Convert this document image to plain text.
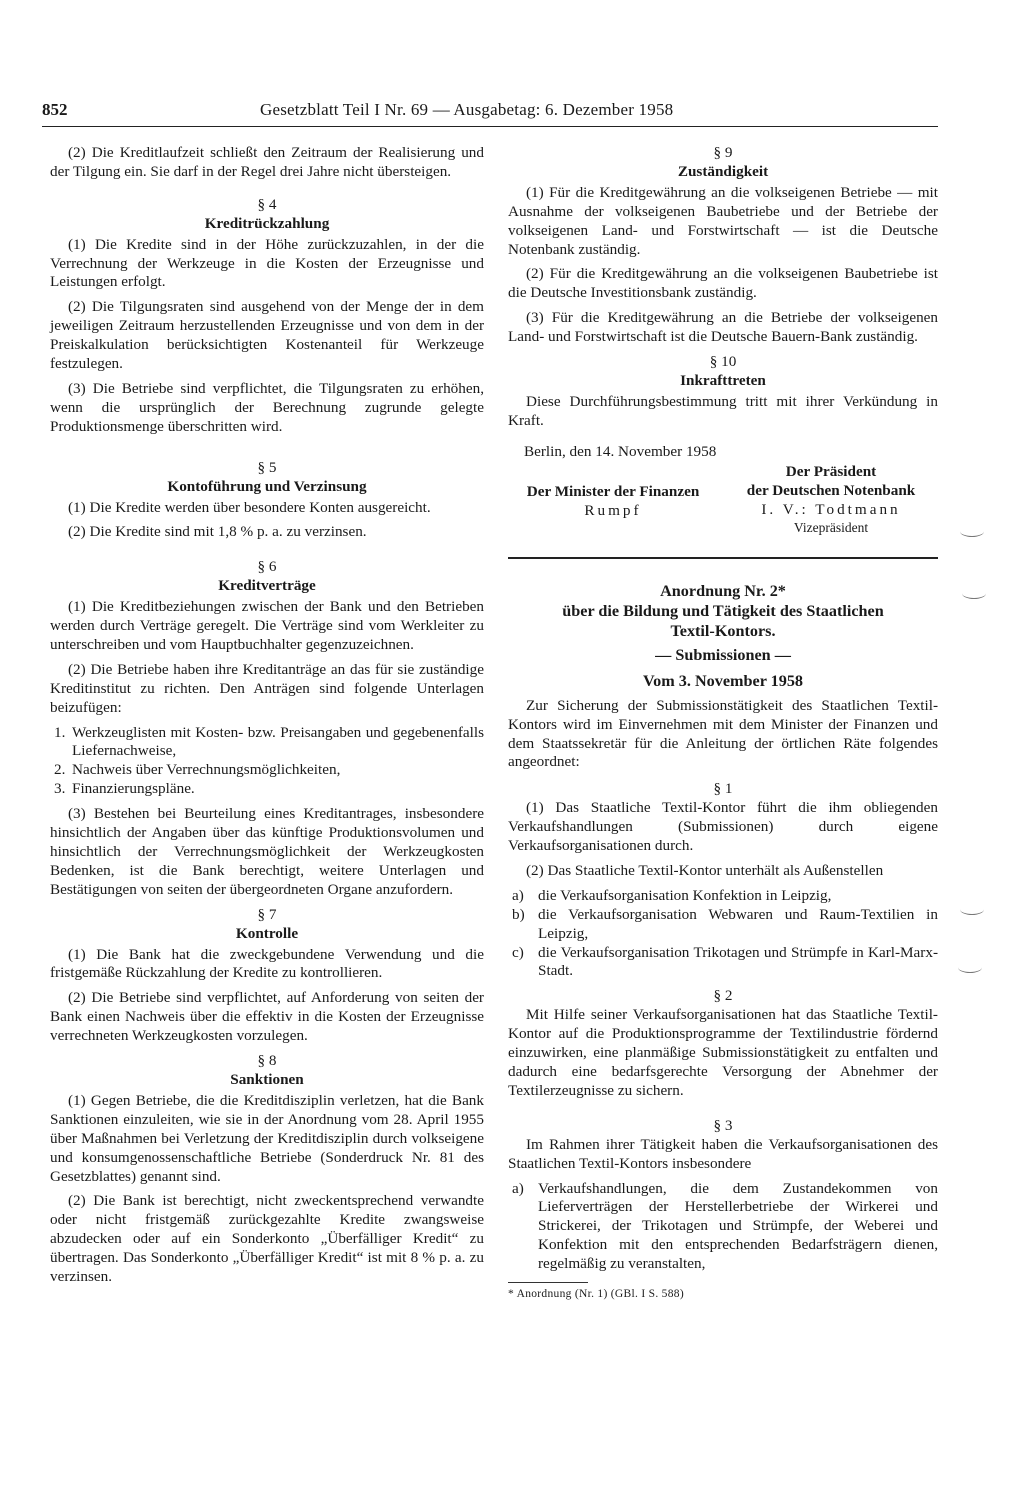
852	Gesetzblatt Teil I Nr. 69 — Ausgabetag: 6. Dezember 1958

(2) Die Kreditlaufzeit schließt den Zeitraum der Realisierung und der Tilgung ein. Sie darf in der Regel drei Jahre nicht übersteigen.

§ 4

Kreditrückzahlung

(1) Die Kredite sind in der Höhe zurückzuzahlen, in der die Verrechnung der Werkzeuge in die Kosten der Erzeugnisse und Leistungen erfolgt.

(2) Die Tilgungsraten sind ausgehend von der Menge der in dem jeweiligen Zeitraum herzustellenden Erzeugnisse und von dem in der Preiskalkulation berücksichtigten Kostenanteil für Werkzeuge festzulegen.

(3) Die Betriebe sind verpflichtet, die Tilgungsraten zu erhöhen, wenn die ursprünglich der Berechnung zugrunde gelegte Produktionsmenge überschritten wird.

§ 5

Kontoführung und Verzinsung

(1) Die Kredite werden über besondere Konten ausgereicht.

(2) Die Kredite sind mit 1,8 % p. a. zu verzinsen.

§ 6

Kreditverträge

(1) Die Kreditbeziehungen zwischen der Bank und den Betrieben werden durch Verträge geregelt. Die Verträge sind vom Werkleiter zu unterschreiben und vom Hauptbuchhalter gegenzuzeichnen.

(2) Die Betriebe haben ihre Kreditanträge an das für sie zuständige Kreditinstitut zu richten. Den Anträgen sind folgende Unterlagen beizufügen:

1. Werkzeuglisten mit Kosten- bzw. Preisangaben und gegebenenfalls Liefernachweise,
2. Nachweis über Verrechnungsmöglichkeiten,
3. Finanzierungspläne.

(3) Bestehen bei Beurteilung eines Kreditantrages, insbesondere hinsichtlich der Angaben über das künftige Produktionsvolumen und hinsichtlich der Verrechnungsmöglichkeit der Werkzeugkosten Bedenken, ist die Bank berechtigt, weitere Unterlagen und Bestätigungen von seiten der übergeordneten Organe anzufordern.

§ 7

Kontrolle

(1) Die Bank hat die zweckgebundene Verwendung und die fristgemäße Rückzahlung der Kredite zu kontrollieren.

(2) Die Betriebe sind verpflichtet, auf Anforderung von seiten der Bank einen Nachweis über die effektiv in die Kosten der Erzeugnisse verrechneten Werkzeugkosten vorzulegen.

§ 8

Sanktionen

(1) Gegen Betriebe, die die Kreditdisziplin verletzen, hat die Bank Sanktionen einzuleiten, wie sie in der Anordnung vom 28. April 1955 über Maßnahmen bei Verletzung der Kreditdisziplin durch volkseigene und konsumgenossenschaftliche Betriebe (Sonderdruck Nr. 81 des Gesetzblattes) genannt sind.

(2) Die Bank ist berechtigt, nicht zweckentsprechend verwandte oder nicht fristgemäß zurückgezahlte Kredite zwangsweise abzudecken oder auf ein Sonderkonto „Überfälliger Kredit“ zu übertragen. Das Sonderkonto „Überfälliger Kredit“ ist mit 8 % p. a. zu verzinsen.

§ 9

Zuständigkeit

(1) Für die Kreditgewährung an die volkseigenen Betriebe — mit Ausnahme der volkseigenen Baubetriebe und der Betriebe der volkseigenen Land- und Forstwirtschaft — ist die Deutsche Notenbank zuständig.

(2) Für die Kreditgewährung an die volkseigenen Baubetriebe ist die Deutsche Investitionsbank zuständig.

(3) Für die Kreditgewährung an die Betriebe der volkseigenen Land- und Forstwirtschaft ist die Deutsche Bauern-Bank zuständig.

§ 10

Inkrafttreten

Diese Durchführungsbestimmung tritt mit ihrer Verkündung in Kraft.

Berlin, den 14. November 1958

Der Minister der Finanzen
Rumpf
Der Präsident
der Deutschen Notenbank
I. V.: Todtmann
Vizepräsident

Anordnung Nr. 2*

über die Bildung und Tätigkeit des Staatlichen

Textil-Kontors.

— Submissionen —

Vom 3. November 1958

Zur Sicherung der Submissionstätigkeit des Staatlichen Textil-Kontors wird im Einvernehmen mit dem Minister der Finanzen und dem Staatssekretär für die Anleitung der örtlichen Räte folgendes angeordnet:

§ 1

(1) Das Staatliche Textil-Kontor führt die ihm obliegenden Verkaufshandlungen (Submissionen) durch eigene Verkaufsorganisationen durch.

(2) Das Staatliche Textil-Kontor unterhält als Außenstellen

a) die Verkaufsorganisation Konfektion in Leipzig,
b) die Verkaufsorganisation Webwaren und Raum-Textilien in Leipzig,
c) die Verkaufsorganisation Trikotagen und Strümpfe in Karl-Marx-Stadt.

§ 2

Mit Hilfe seiner Verkaufsorganisationen hat das Staatliche Textil-Kontor auf die Produktionsprogramme der Textilindustrie fördernd einzuwirken, eine planmäßige Submissionstätigkeit zu entfalten und dadurch eine bedarfsgerechte Versorgung der Abnehmer der Textilerzeugnisse zu sichern.

§ 3

Im Rahmen ihrer Tätigkeit haben die Verkaufsorganisationen des Staatlichen Textil-Kontors insbesondere

a) Verkaufshandlungen, die dem Zustandekommen von Lieferverträgen der Herstellerbetriebe der Wirkerei und Strickerei, der Trikotagen und Strümpfe, der Weberei und Konfektion mit den entsprechenden Bedarfsträgern dienen, regelmäßig zu veranstalten,

* Anordnung (Nr. 1) (GBl. I S. 588)
